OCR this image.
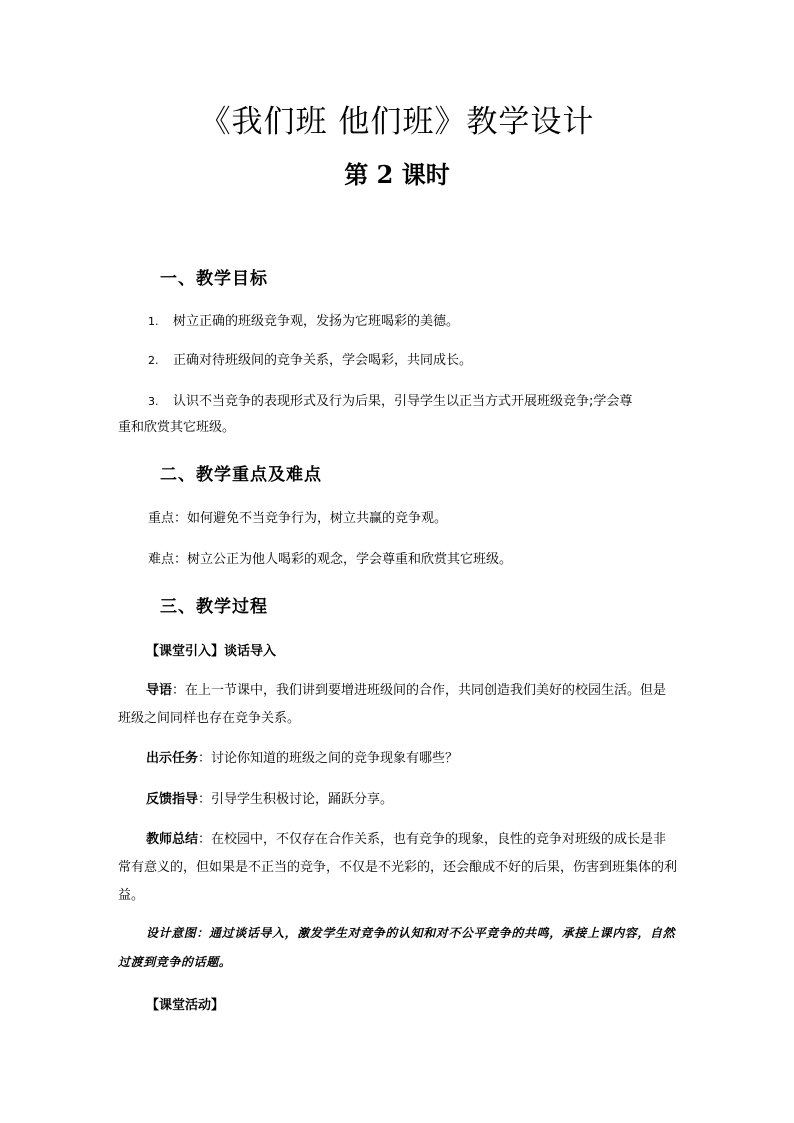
《我们班 他们班》教学设计
第 2 课时
一、教学目标
1. 树立正确的班级竞争观，发扬为它班喝彩的美德。
2. 正确对待班级间的竞争关系，学会喝彩，共同成长。
3. 认识不当竞争的表现形式及行为后果，引导学生以正当方式开展班级竞争;学会尊
重和欣赏其它班级。
二、教学重点及难点
重点：如何避免不当竞争行为，树立共赢的竞争观。
难点：树立公正为他人喝彩的观念，学会尊重和欣赏其它班级。
三、教学过程
【课堂引入】谈话导入
导语：在上一节课中，我们讲到要增进班级间的合作，共同创造我们美好的校园生活。但是班级之间同样也存在竞争关系。
出示任务：讨论你知道的班级之间的竞争现象有哪些？
反馈指导：引导学生积极讨论，踊跃分享。
教师总结：在校园中，不仅存在合作关系，也有竞争的现象，良性的竞争对班级的成长是非常有意义的，但如果是不正当的竞争，不仅是不光彩的，还会酿成不好的后果，伤害到班集体的利益。
设计意图：通过谈话导入，激发学生对竞争的认知和对不公平竞争的共鸣，承接上课内容，自然过渡到竞争的话题。
【课堂活动】
